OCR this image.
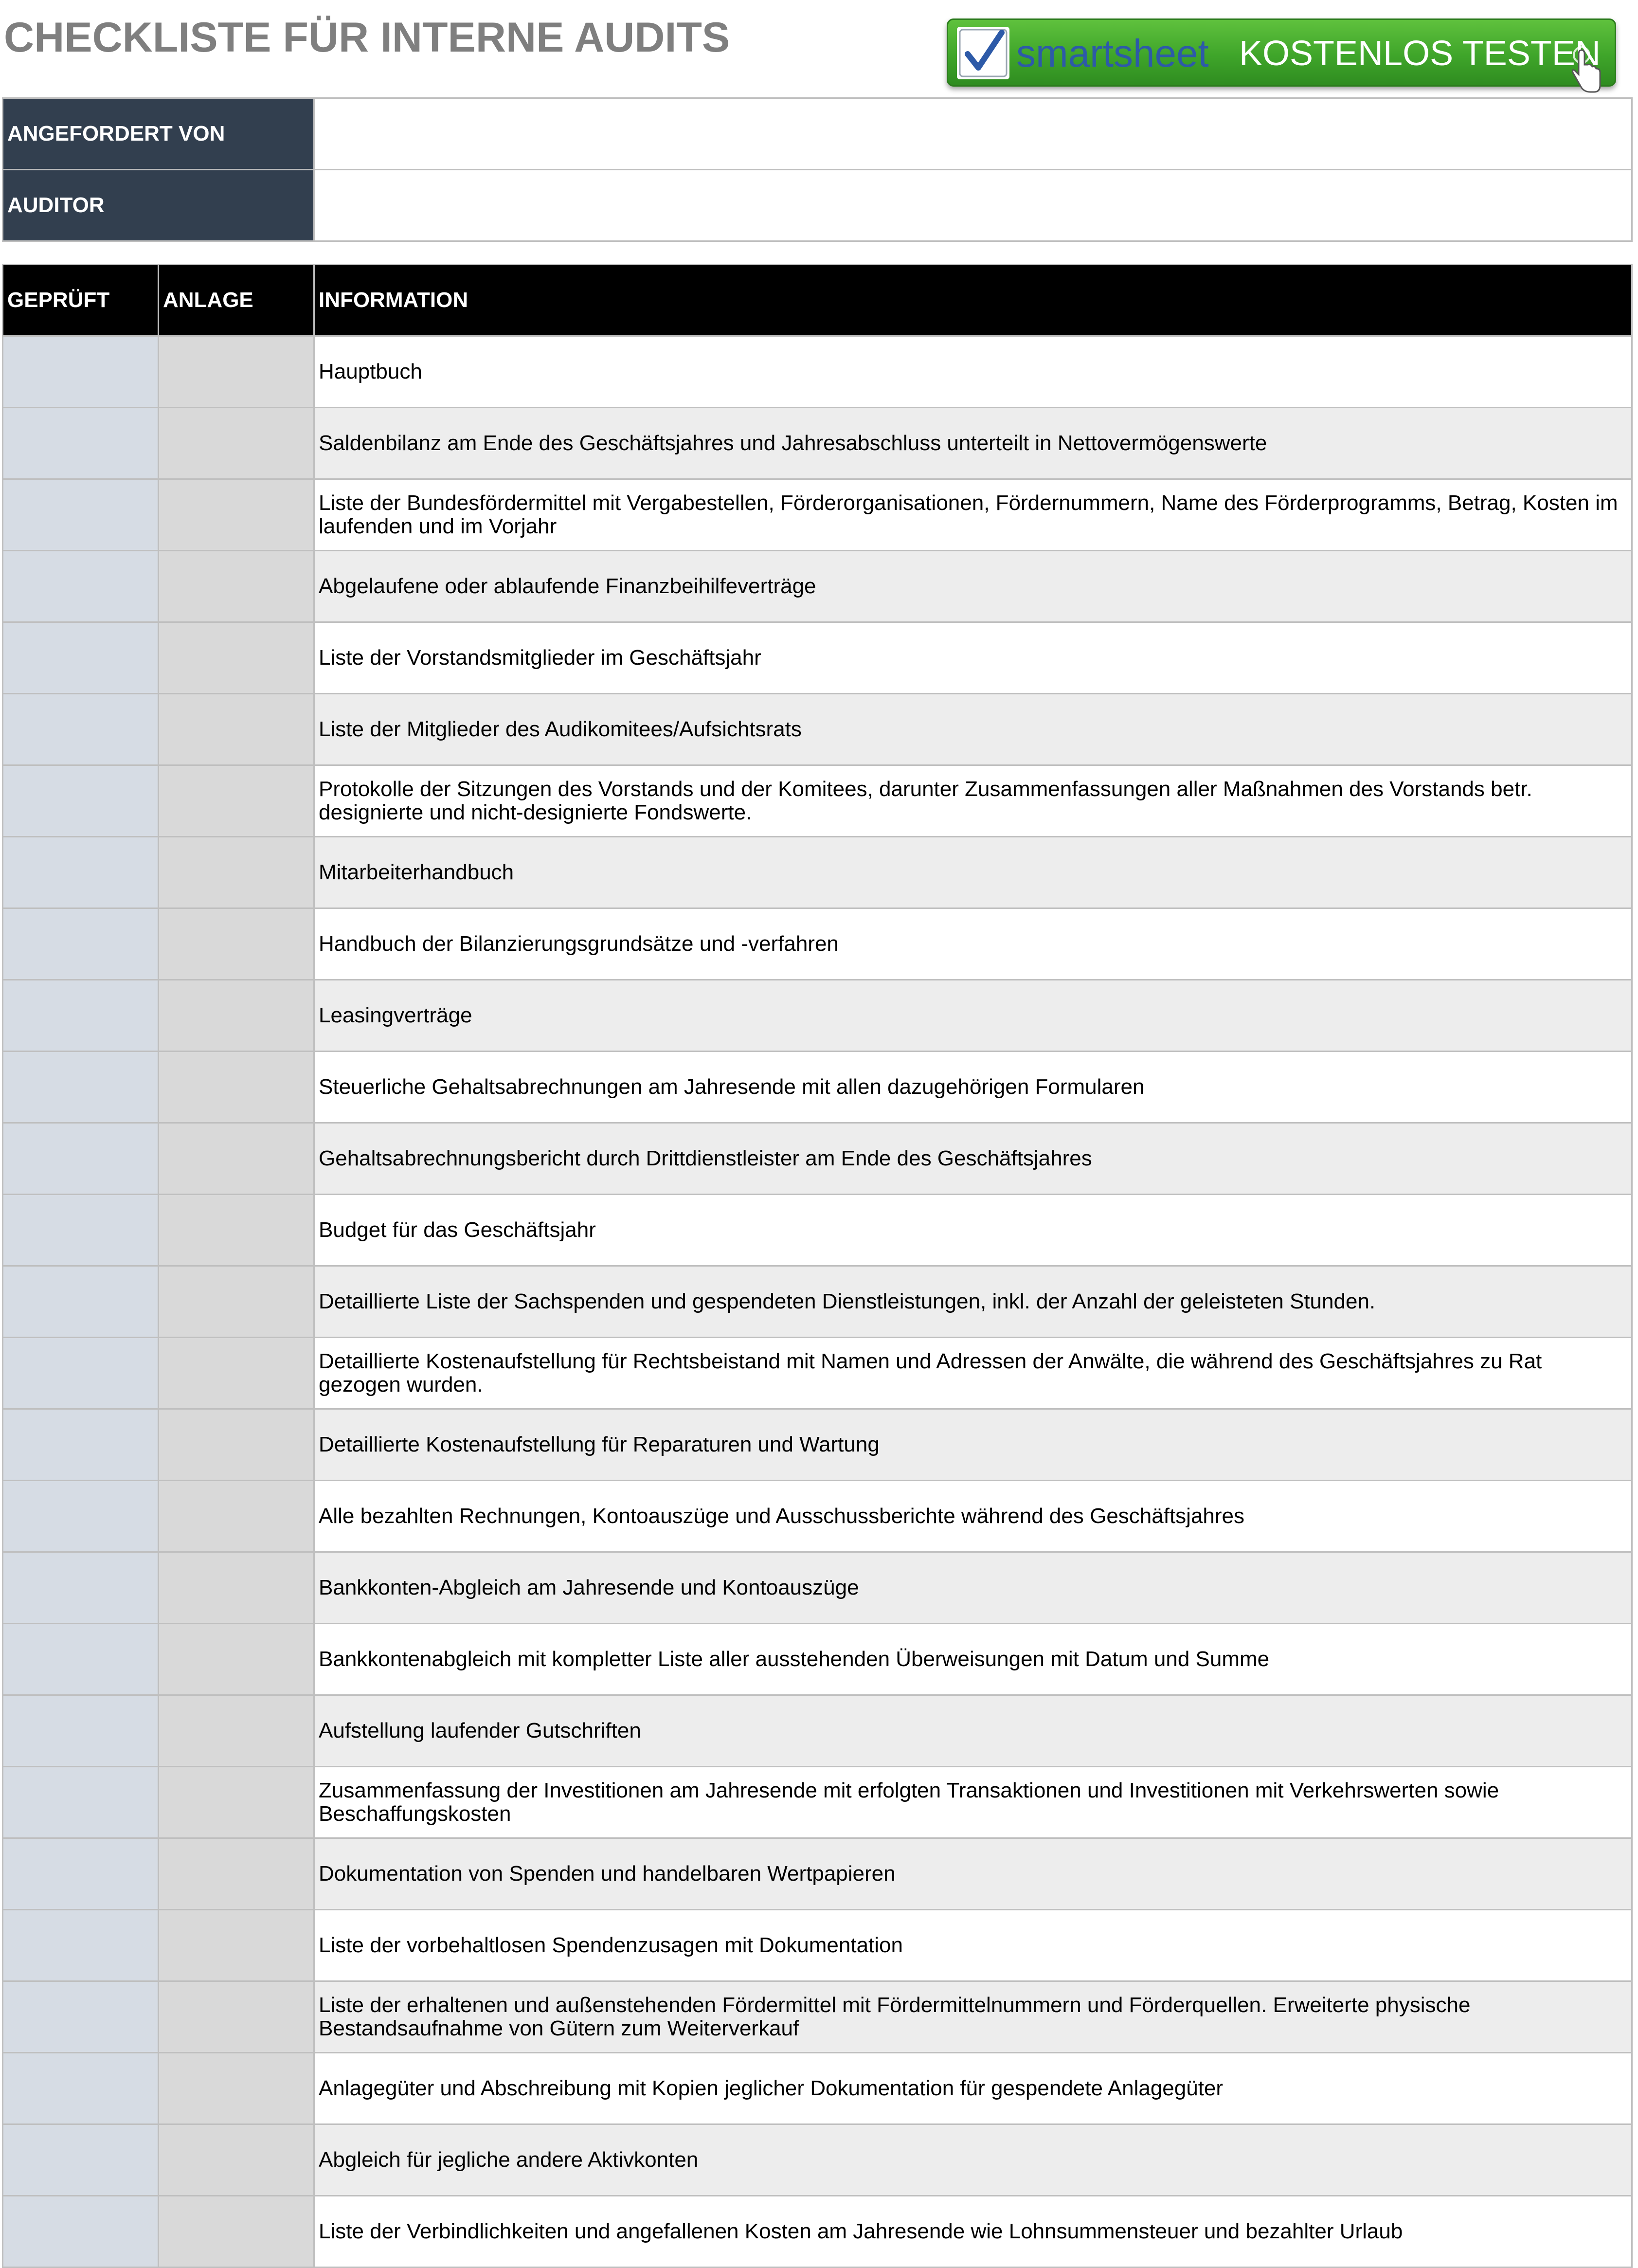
CHECKLISTE FÜR INTERNE AUDITS	smartsheet KOSTENLOS TESTEN
ANGEFORDERT VON	
AUDITOR	
GEPRÜFT	ANLAGE	INFORMATION
		Hauptbuch
		Saldenbilanz am Ende des Geschäftsjahres und Jahresabschluss unterteilt in Nettovermögenswerte
		Liste der Bundesfördermittel mit Vergabestellen, Förderorganisationen, Fördernummern, Name des Förderprogramms, Betrag, Kosten im laufenden und im Vorjahr
		Abgelaufene oder ablaufende Finanzbeihilfeverträge
		Liste der Vorstandsmitglieder im Geschäftsjahr
		Liste der Mitglieder des Audikomitees/Aufsichtsrats
		Protokolle der Sitzungen des Vorstands und der Komitees, darunter Zusammenfassungen aller Maßnahmen des Vorstands betr. designierte und nicht-designierte Fondswerte.
		Mitarbeiterhandbuch
		Handbuch der Bilanzierungsgrundsätze und -verfahren
		Leasingverträge
		Steuerliche Gehaltsabrechnungen am Jahresende mit allen dazugehörigen Formularen
		Gehaltsabrechnungsbericht durch Drittdienstleister am Ende des Geschäftsjahres
		Budget für das Geschäftsjahr
		Detaillierte Liste der Sachspenden und gespendeten Dienstleistungen, inkl. der Anzahl der geleisteten Stunden.
		Detaillierte Kostenaufstellung für Rechtsbeistand mit Namen und Adressen der Anwälte, die während des Geschäftsjahres zu Rat gezogen wurden.
		Detaillierte Kostenaufstellung für Reparaturen und Wartung
		Alle bezahlten Rechnungen, Kontoauszüge und Ausschussberichte während des Geschäftsjahres
		Bankkonten-Abgleich am Jahresende und Kontoauszüge
		Bankkontenabgleich mit kompletter Liste aller ausstehenden Überweisungen mit Datum und Summe
		Aufstellung laufender Gutschriften
		Zusammenfassung der Investitionen am Jahresende mit erfolgten Transaktionen und Investitionen mit Verkehrswerten sowie Beschaffungskosten
		Dokumentation von Spenden und handelbaren Wertpapieren
		Liste der vorbehaltlosen Spendenzusagen mit Dokumentation
		Liste der erhaltenen und außenstehenden Fördermittel mit Fördermittelnummern und Förderquellen. Erweiterte physische Bestandsaufnahme von Gütern zum Weiterverkauf
		Anlagegüter und Abschreibung mit Kopien jeglicher Dokumentation für gespendete Anlagegüter
		Abgleich für jegliche andere Aktivkonten
		Liste der Verbindlichkeiten und angefallenen Kosten am Jahresende wie Lohnsummensteuer und bezahlter Urlaub
